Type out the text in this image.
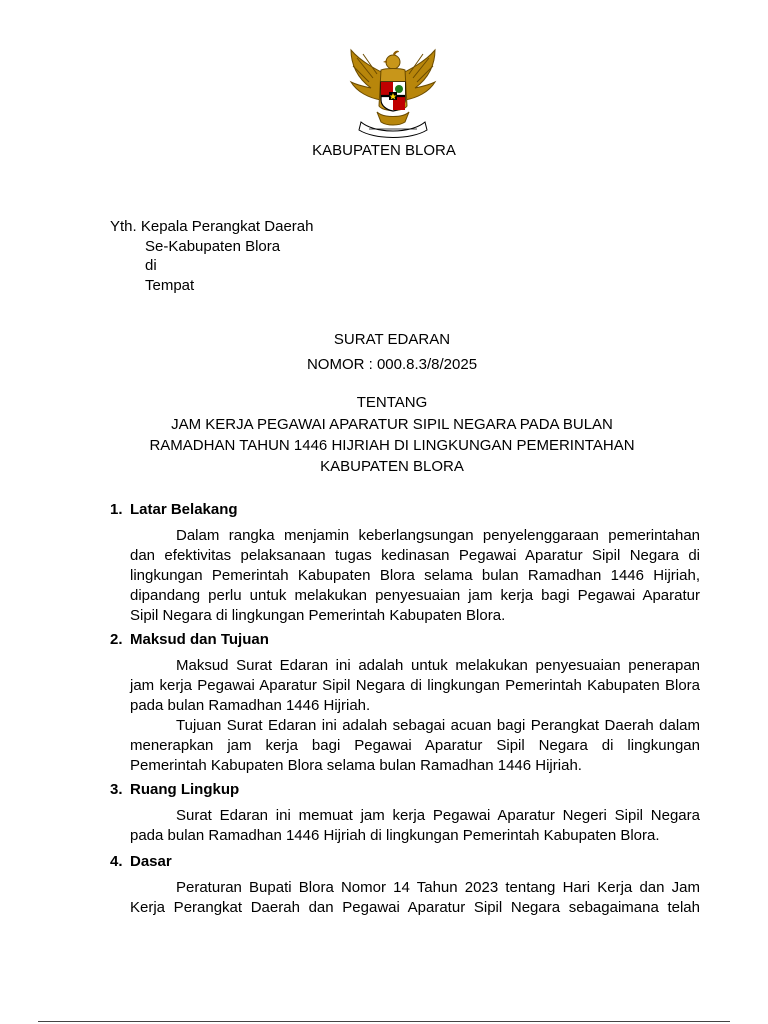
KABUPATEN BLORA
Yth. Kepala Perangkat Daerah
Se-Kabupaten Blora
di
Tempat
SURAT EDARAN
NOMOR : 000.8.3/8/2025
TENTANG
JAM KERJA PEGAWAI APARATUR SIPIL NEGARA PADA BULAN
RAMADHAN TAHUN 1446 HIJRIAH DI LINGKUNGAN PEMERINTAHAN
KABUPATEN BLORA
1. Latar Belakang
Dalam rangka menjamin keberlangsungan penyelenggaraan pemerintahan
dan efektivitas pelaksanaan tugas kedinasan Pegawai Aparatur Sipil Negara di
lingkungan Pemerintah Kabupaten Blora selama bulan Ramadhan 1446 Hijriah,
dipandang perlu untuk melakukan penyesuaian jam kerja bagi Pegawai Aparatur
Sipil Negara di lingkungan Pemerintah Kabupaten Blora.
2. Maksud dan Tujuan
Maksud Surat Edaran ini adalah untuk melakukan penyesuaian penerapan
jam kerja Pegawai Aparatur Sipil Negara di lingkungan Pemerintah Kabupaten Blora
pada bulan Ramadhan 1446 Hijriah.
Tujuan Surat Edaran ini adalah sebagai acuan bagi Perangkat Daerah dalam
menerapkan jam kerja bagi Pegawai Aparatur Sipil Negara di lingkungan
Pemerintah Kabupaten Blora selama bulan Ramadhan 1446 Hijriah.
3. Ruang Lingkup
Surat Edaran ini memuat jam kerja Pegawai Aparatur Negeri Sipil Negara
pada bulan Ramadhan 1446 Hijriah di lingkungan Pemerintah Kabupaten Blora.
4. Dasar
Peraturan Bupati Blora Nomor 14 Tahun 2023 tentang Hari Kerja dan Jam
Kerja Perangkat Daerah dan Pegawai Aparatur Sipil Negara sebagaimana telah
